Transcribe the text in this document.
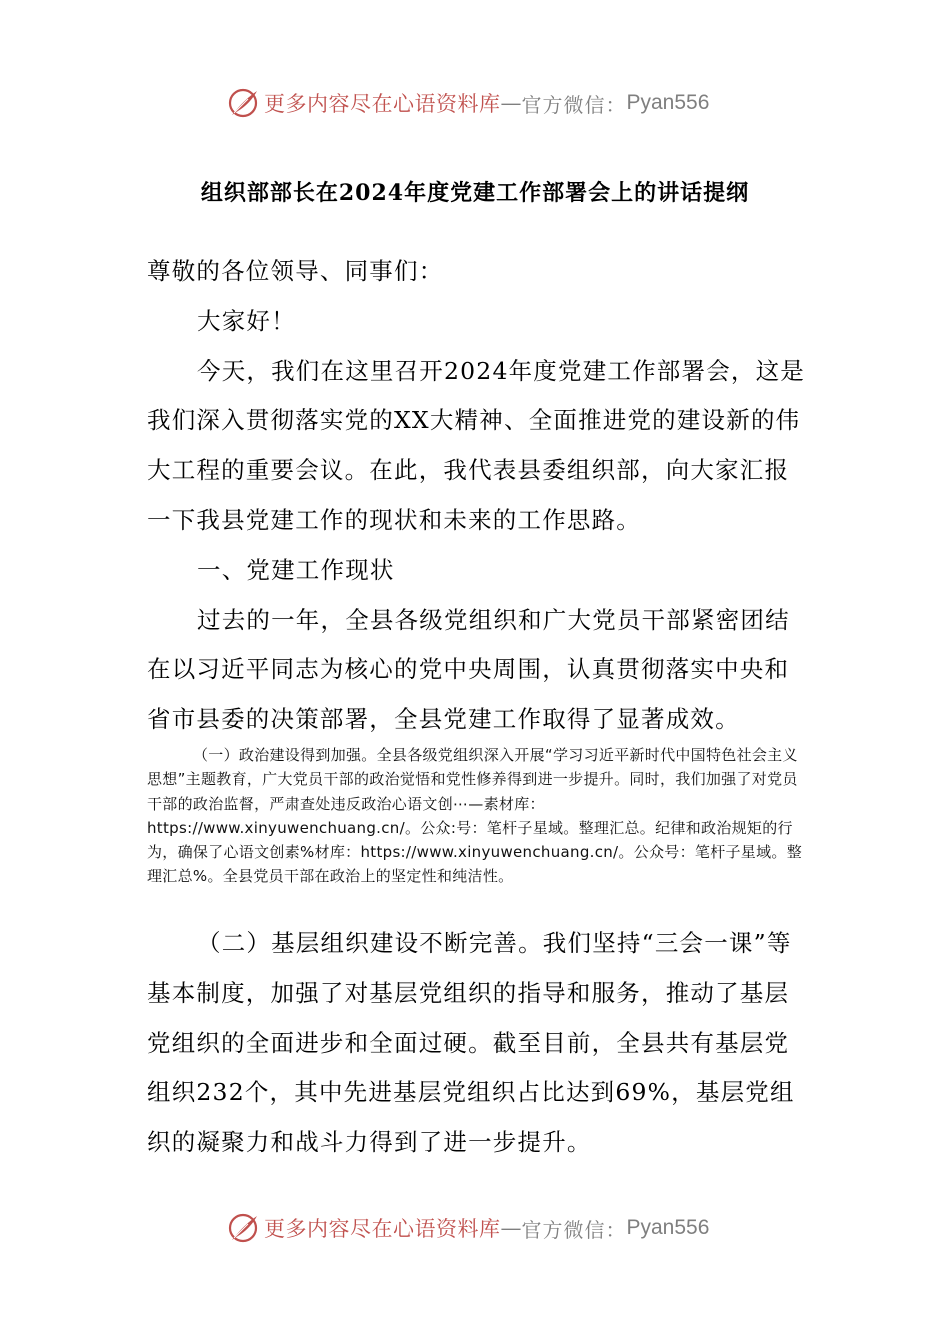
更多内容尽在心语资料库 — 官方微信： Pyan556
组织部部长在2024年度党建工作部署会上的讲话提纲

尊敬的各位领导、同事们：

大家好！

今天，我们在这里召开2024年度党建工作部署会，这是我们深入贯彻落实党的XX大精神、全面推进党的建设新的伟大工程的重要会议。在此，我代表县委组织部，向大家汇报一下我县党建工作的现状和未来的工作思路。

一、党建工作现状

过去的一年，全县各级党组织和广大党员干部紧密团结在以习近平同志为核心的党中央周围，认真贯彻落实中央和省市县委的决策部署，全县党建工作取得了显著成效。

（一）政治建设得到加强。全县各级党组织深入开展“学习习近平新时代中国特色社会主义思想”主题教育，广大党员干部的政治觉悟和党性修养得到进一步提升。同时，我们加强了对党员干部的政治监督，严肃查处违反政治心语文创⋯—素材库：https://www.xinyuwenchuang.cn/。公众:号：笔杆子星域。整理汇总。纪律和政治规矩的行为，确保了心语文创素%材库：https://www.xinyuwenchuang.cn/。公众号：笔杆子星域。整理汇总%。全县党员干部在政治上的坚定性和纯洁性。

（二）基层组织建设不断完善。我们坚持“三会一课”等基本制度，加强了对基层党组织的指导和服务，推动了基层党组织的全面进步和全面过硬。截至目前，全县共有基层党组织232个，其中先进基层党组织占比达到69%，基层党组织的凝聚力和战斗力得到了进一步提升。

更多内容尽在心语资料库 — 官方微信： Pyan556
